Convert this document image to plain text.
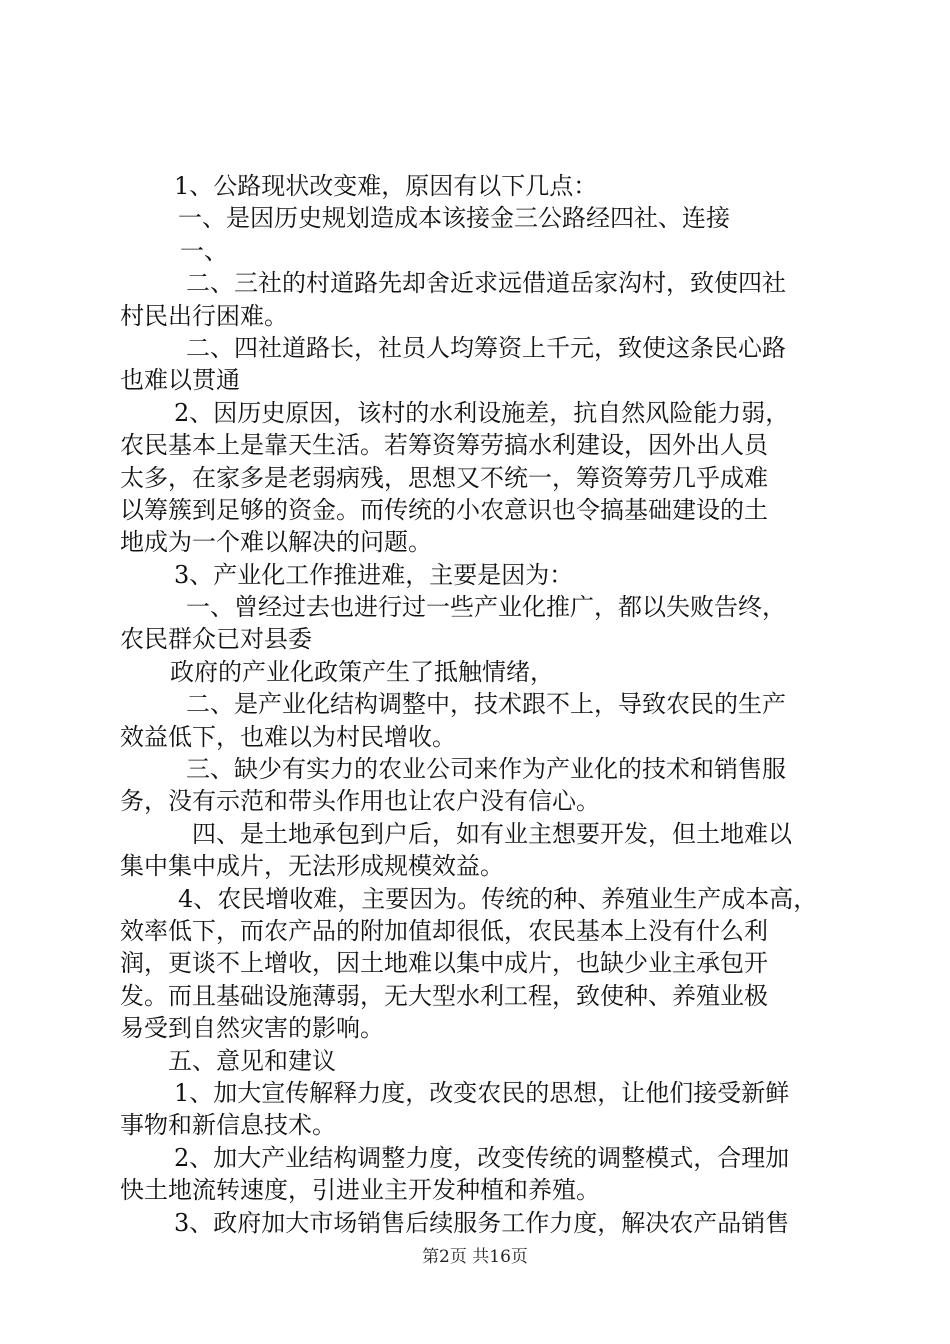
1、公路现状改变难，原因有以下几点：
一、是因历史规划造成本该接金三公路经四社、连接
一、
二、三社的村道路先却舍近求远借道岳家沟村，致使四社
村民出行困难。
二、四社道路长，社员人均筹资上千元，致使这条民心路
也难以贯通
2、因历史原因，该村的水利设施差，抗自然风险能力弱，
农民基本上是靠天生活。若筹资筹劳搞水利建设，因外出人员
太多，在家多是老弱病残，思想又不统一，筹资筹劳几乎成难
以筹簇到足够的资金。而传统的小农意识也令搞基础建设的土
地成为一个难以解决的问题。
3、产业化工作推进难，主要是因为：
一、曾经过去也进行过一些产业化推广，都以失败告终，
农民群众已对县委
政府的产业化政策产生了抵触情绪，
二、是产业化结构调整中，技术跟不上，导致农民的生产
效益低下，也难以为村民增收。
三、缺少有实力的农业公司来作为产业化的技术和销售服
务，没有示范和带头作用也让农户没有信心。
四、是土地承包到户后，如有业主想要开发，但土地难以
集中集中成片，无法形成规模效益。
4、农民增收难，主要因为。传统的种、养殖业生产成本高，
效率低下，而农产品的附加值却很低，农民基本上没有什么利
润，更谈不上增收，因土地难以集中成片，也缺少业主承包开
发。而且基础设施薄弱，无大型水利工程，致使种、养殖业极
易受到自然灾害的影响。
五、意见和建议
1、加大宣传解释力度，改变农民的思想，让他们接受新鲜
事物和新信息技术。
2、加大产业结构调整力度，改变传统的调整模式，合理加
快土地流转速度，引进业主开发种植和养殖。
3、政府加大市场销售后续服务工作力度，解决农产品销售
第2页 共16页
